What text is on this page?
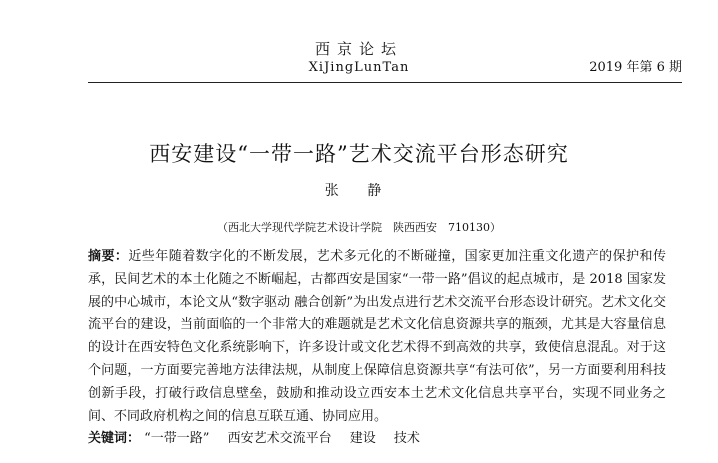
西京论坛
XiJingLunTan	2019 年第 6 期
西安建设“一带一路”艺术交流平台形态研究
张 静
（西北大学现代学院艺术设计学院　陕西西安　710130）
摘要：近些年随着数字化的不断发展，艺术多元化的不断碰撞，国家更加注重文化遗产的保护和传承，民间艺术的本土化随之不断崛起，古都西安是国家“一带一路”倡议的起点城市，是 2018 国家发展的中心城市，本论文从“数字驱动 融合创新”为出发点进行艺术交流平台形态设计研究。艺术文化交流平台的建设，当前面临的一个非常大的难题就是艺术文化信息资源共享的瓶颈，尤其是大容量信息的设计在西安特色文化系统影响下，许多设计或文化艺术得不到高效的共享，致使信息混乱。对于这个问题，一方面要完善地方法律法规，从制度上保障信息资源共享“有法可依”，另一方面要利用科技创新手段，打破行政信息壁垒，鼓励和推动设立西安本土艺术文化信息共享平台，实现不同业务之间、不同政府机构之间的信息互联互通、协同应用。
关键词： “一带一路” 西安艺术交流平台 建设 技术
